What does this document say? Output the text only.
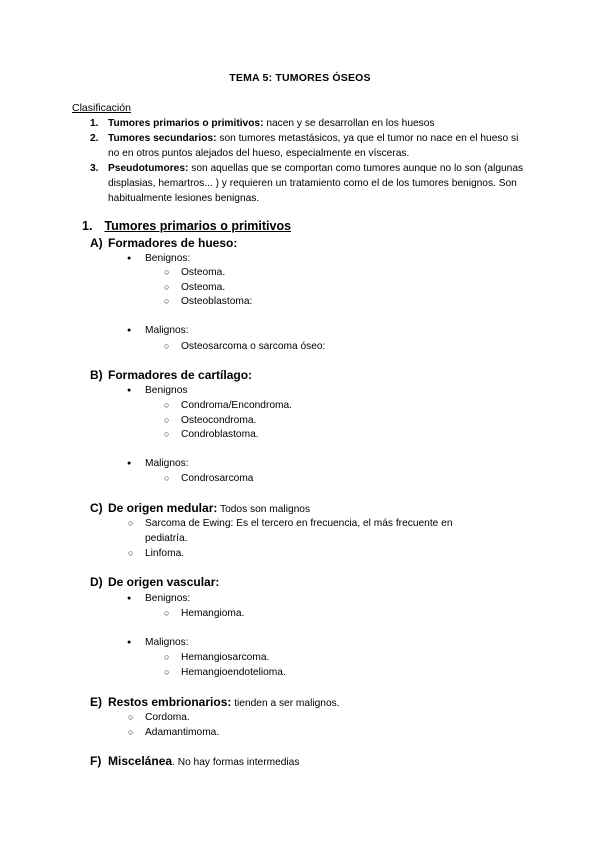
TEMA 5: TUMORES ÓSEOS
Clasificación
1. Tumores primarios o primitivos: nacen y se desarrollan en los huesos
2. Tumores secundarios: son tumores metastásicos, ya que el tumor no nace en el hueso si no en otros puntos alejados del hueso, especialmente en vísceras.
3. Pseudotumores: son aquellas que se comportan como tumores aunque no lo son (algunas displasias, hemartros... ) y requieren un tratamiento como el de los tumores benignos. Son habitualmente lesiones benignas.
1. Tumores primarios o primitivos
A) Formadores de hueso:
● Benignos:
○ Osteoma.
○ Osteoma.
○ Osteoblastoma:
● Malignos:
○ Osteosarcoma o sarcoma óseo:
B) Formadores de cartílago:
● Benignos
○ Condroma/Encondroma.
○ Osteocondroma.
○ Condroblastoma.
● Malignos:
○ Condrosarcoma
C) De origen medular: Todos son malignos
○ Sarcoma de Ewing: Es el tercero en frecuencia, el más frecuente en
pediatría.
○ Linfoma.
D) De origen vascular:
● Benignos:
○ Hemangioma.
● Malignos:
○ Hemangiosarcoma.
○ Hemangioendotelioma.
E) Restos embrionarios: tienden a ser malignos.
○ Cordoma.
○ Adamantimoma.
F) Miscelánea. No hay formas intermedias
